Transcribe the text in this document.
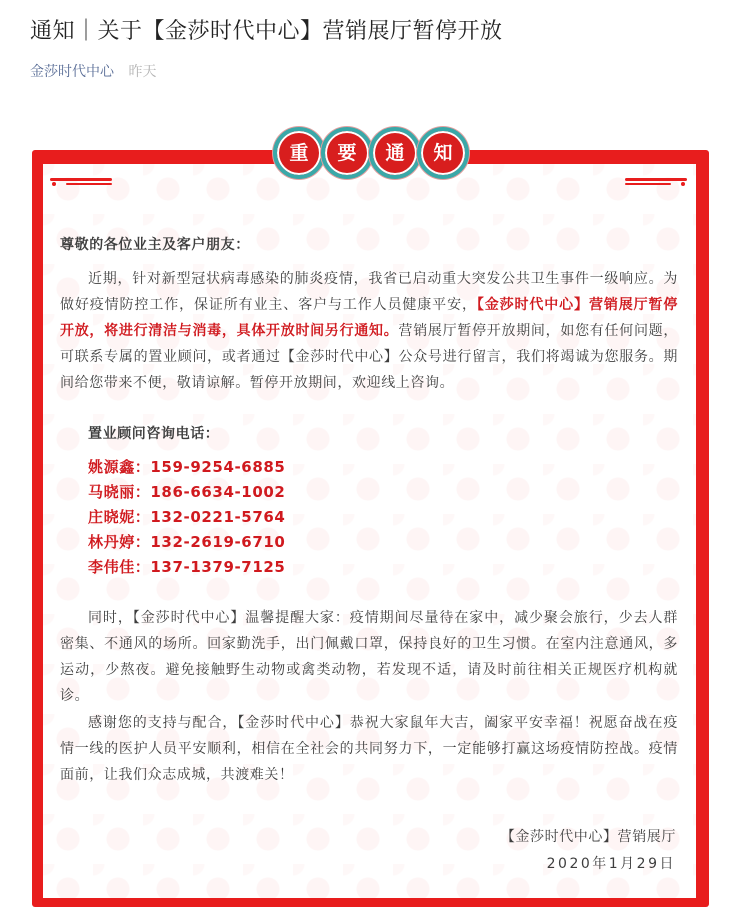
通知｜关于【金莎时代中心】营销展厅暂停开放
金莎时代中心 昨天
重	要	通	知
尊敬的各位业主及客户朋友：
近期，针对新型冠状病毒感染的肺炎疫情，我省已启动重大突发公共卫生事件一级响应。为做好疫情防控工作，保证所有业主、客户与工作人员健康平安，【金莎时代中心】营销展厅暂停开放，将进行清洁与消毒，具体开放时间另行通知。营销展厅暂停开放期间，如您有任何问题，可联系专属的置业顾问，或者通过【金莎时代中心】公众号进行留言，我们将竭诚为您服务。期间给您带来不便，敬请谅解。暂停开放期间，欢迎线上咨询。
置业顾问咨询电话：
姚源鑫：159-9254-6885
马晓丽：186-6634-1002
庄晓妮：132-0221-5764
林丹婷：132-2619-6710
李伟佳：137-1379-7125
同时，【金莎时代中心】温馨提醒大家：疫情期间尽量待在家中，减少聚会旅行，少去人群密集、不通风的场所。回家勤洗手，出门佩戴口罩，保持良好的卫生习惯。在室内注意通风，多运动，少熬夜。避免接触野生动物或禽类动物，若发现不适，请及时前往相关正规医疗机构就诊。
感谢您的支持与配合，【金莎时代中心】恭祝大家鼠年大吉，阖家平安幸福！祝愿奋战在疫情一线的医护人员平安顺利，相信在全社会的共同努力下，一定能够打赢这场疫情防控战。疫情面前，让我们众志成城，共渡难关！
【金莎时代中心】营销展厅
2020年1月29日
